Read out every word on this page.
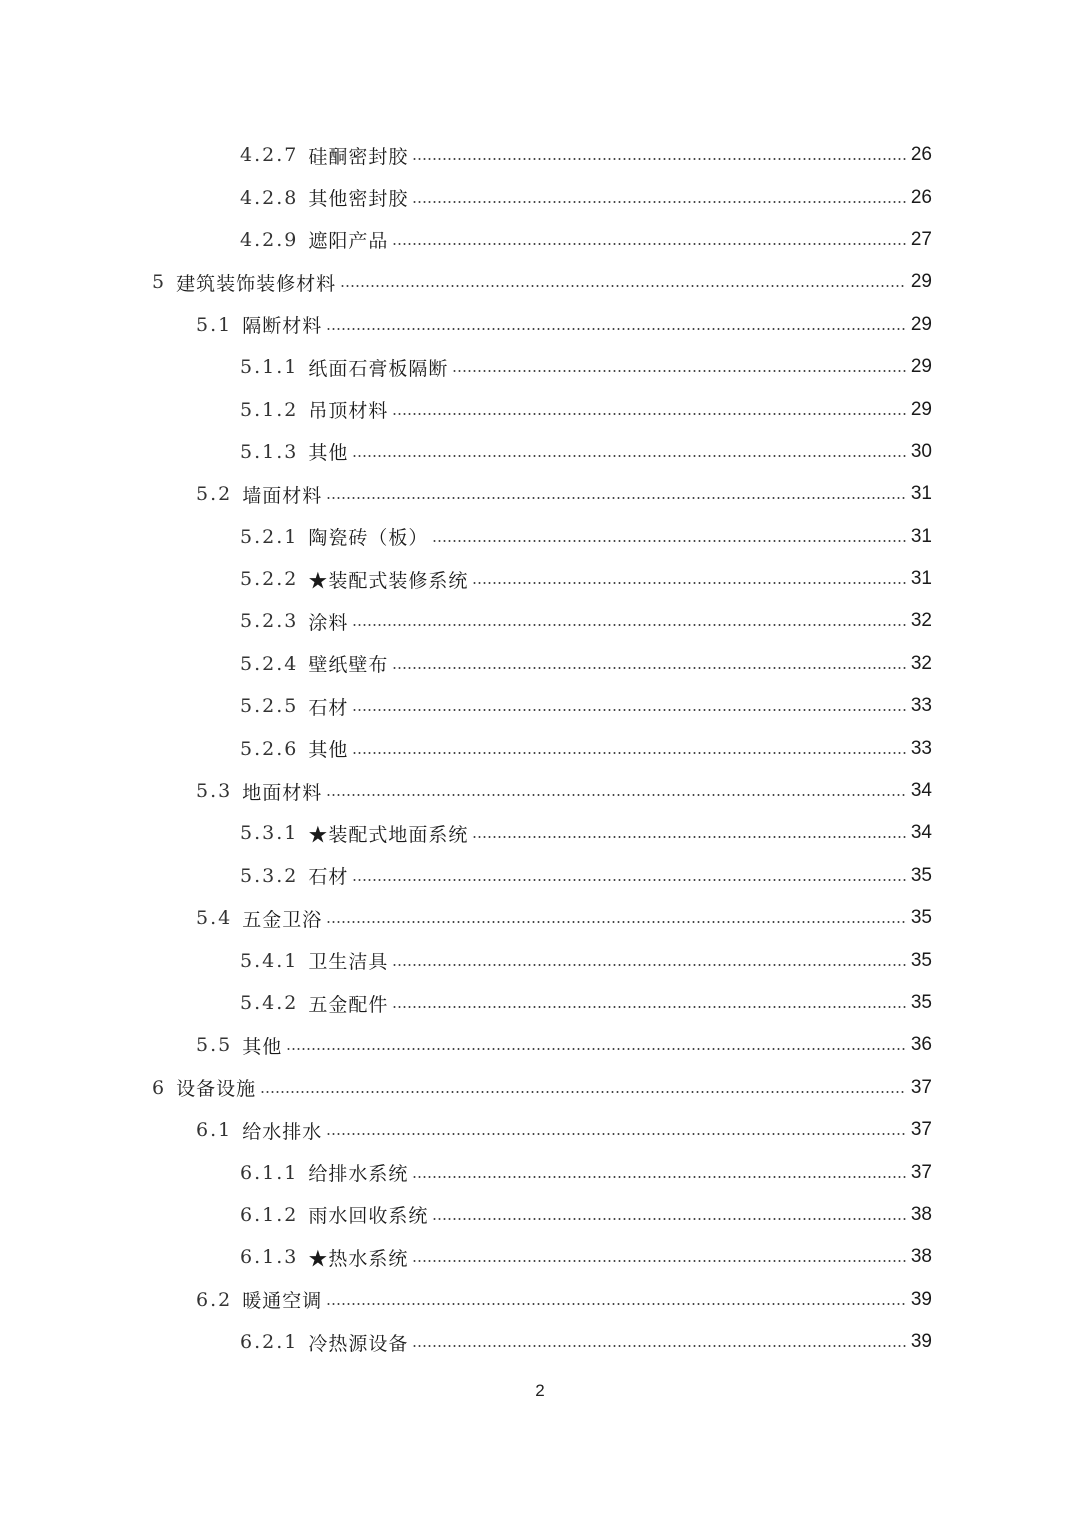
4.2.7 硅酮密封胶	26
4.2.8 其他密封胶	26
4.2.9 遮阳产品	27
5 建筑装饰装修材料	29
5.1 隔断材料	29
5.1.1 纸面石膏板隔断	29
5.1.2 吊顶材料	29
5.1.3 其他	30
5.2 墙面材料	31
5.2.1 陶瓷砖（板）	31
5.2.2 ★装配式装修系统	31
5.2.3 涂料	32
5.2.4 壁纸壁布	32
5.2.5 石材	33
5.2.6 其他	33
5.3 地面材料	34
5.3.1 ★装配式地面系统	34
5.3.2 石材	35
5.4 五金卫浴	35
5.4.1 卫生洁具	35
5.4.2 五金配件	35
5.5 其他	36
6 设备设施	37
6.1 给水排水	37
6.1.1 给排水系统	37
6.1.2 雨水回收系统	38
6.1.3 ★热水系统	38
6.2 暖通空调	39
6.2.1 冷热源设备	39
2
